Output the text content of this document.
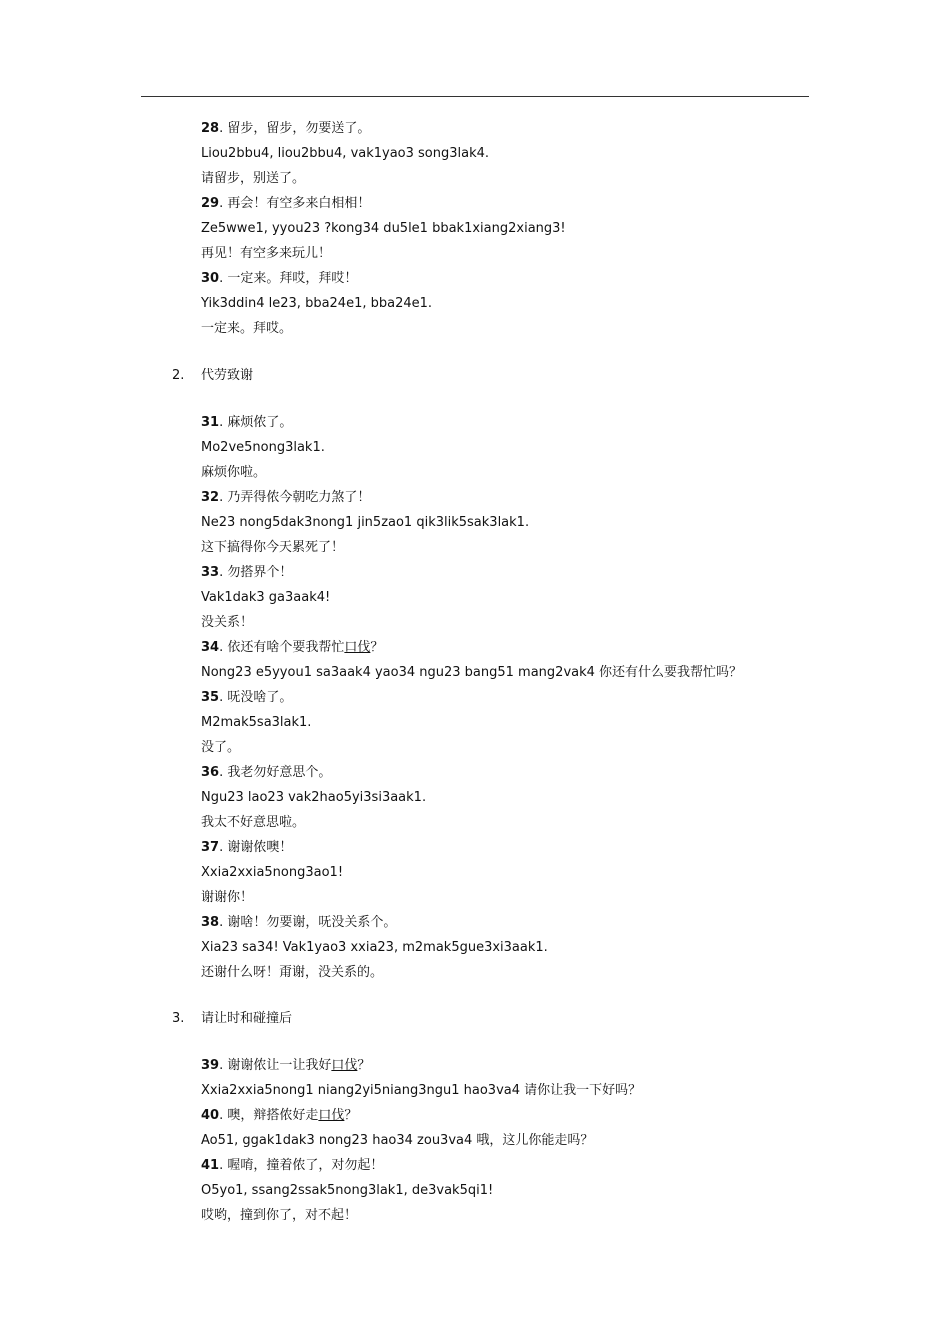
28. 留步，留步，勿要送了。
Liou2bbu4, liou2bbu4, vak1yao3 song3lak4.
请留步，别送了。
29. 再会！有空多来白相相！
Ze5wwe1, yyou23 ?kong34 du5le1 bbak1xiang2xiang3!
再见！有空多来玩儿！
30. 一定来。拜哎，拜哎！
Yik3ddin4 le23, bba24e1, bba24e1.
一定来。拜哎。
2. 代劳致谢
31. 麻烦侬了。
Mo2ve5nong3lak1.
麻烦你啦。
32. 乃弄得侬今朝吃力煞了！
Ne23 nong5dak3nong1 jin5zao1 qik3lik5sak3lak1.
这下搞得你今天累死了！
33. 勿搭界个！
Vak1dak3 ga3aak4!
没关系！
34. 依还有啥个要我帮忙口伐？
Nong23 e5yyou1 sa3aak4 yao34 ngu23 bang51 mang2vak4 你还有什么要我帮忙吗？
35. 呒没啥了。
M2mak5sa3lak1.
没了。
36. 我老勿好意思个。
Ngu23 lao23 vak2hao5yi3si3aak1.
我太不好意思啦。
37. 谢谢侬噢！
Xxia2xxia5nong3ao1!
谢谢你！
38. 谢啥！勿要谢，呒没关系个。
Xia23 sa34! Vak1yao3 xxia23, m2mak5gue3xi3aak1.
还谢什么呀！甭谢，没关系的。
3. 请让时和碰撞后
39. 谢谢侬让一让我好口伐？
Xxia2xxia5nong1 niang2yi5niang3ngu1 hao3va4 请你让我一下好吗？
40. 噢，辩搭侬好走口伐？
Ao51, ggak1dak3 nong23 hao34 zou3va4 哦，这儿你能走吗？
41. 喔唷，撞着侬了，对勿起！
O5yo1, ssang2ssak5nong3lak1, de3vak5qi1!
哎哟，撞到你了，对不起！
